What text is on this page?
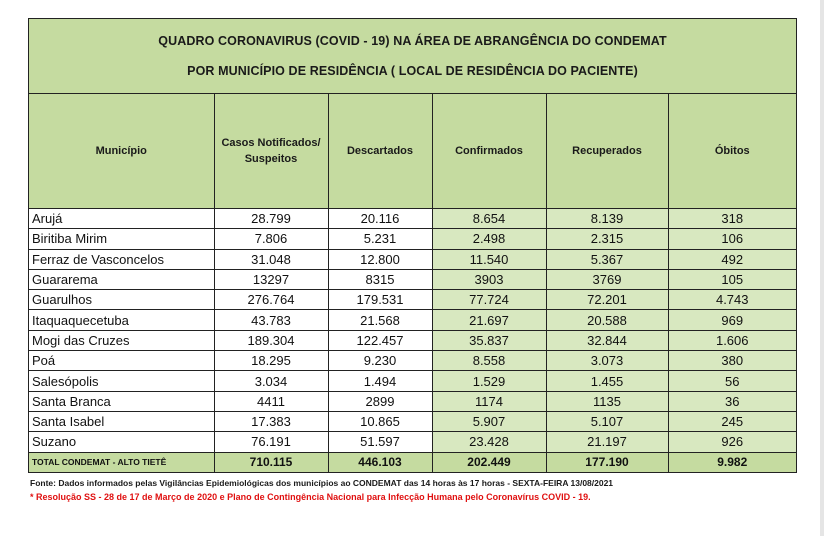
QUADRO CORONAVIRUS (COVID - 19) NA ÁREA DE ABRANGÊNCIA DO CONDEMAT
POR MUNICÍPIO DE RESIDÊNCIA ( LOCAL DE RESIDÊNCIA DO PACIENTE)
Município	Casos Notificados/ Suspeitos	Descartados	Confirmados	Recuperados	Óbitos
Arujá	28.799	20.116	8.654	8.139	318
Biritiba Mirim	7.806	5.231	2.498	2.315	106
Ferraz de Vasconcelos	31.048	12.800	11.540	5.367	492
Guararema	13297	8315	3903	3769	105
Guarulhos	276.764	179.531	77.724	72.201	4.743
Itaquaquecetuba	43.783	21.568	21.697	20.588	969
Mogi das Cruzes	189.304	122.457	35.837	32.844	1.606
Poá	18.295	9.230	8.558	3.073	380
Salesópolis	3.034	1.494	1.529	1.455	56
Santa Branca	4411	2899	1174	1135	36
Santa Isabel	17.383	10.865	5.907	5.107	245
Suzano	76.191	51.597	23.428	21.197	926
TOTAL CONDEMAT - ALTO TIETÊ	710.115	446.103	202.449	177.190	9.982
Fonte: Dados informados pelas Vigilâncias Epidemiológicas dos municípios ao CONDEMAT das 14 horas às 17 horas - SEXTA-FEIRA 13/08/2021
* Resolução SS - 28 de 17 de Março de 2020 e Plano de Contingência Nacional para Infecção Humana pelo Coronavírus COVID - 19.
